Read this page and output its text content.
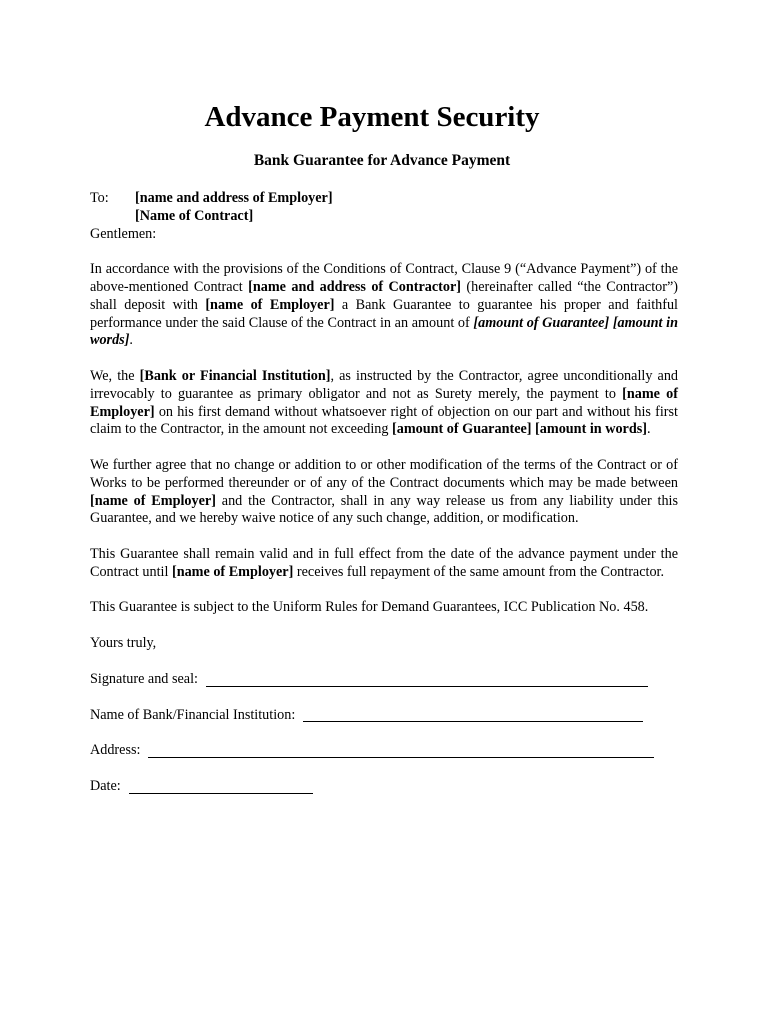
Advance Payment Security
Bank Guarantee for Advance Payment
To:	[name and address of Employer]
[Name of Contract]

Gentlemen:

In accordance with the provisions of the Conditions of Contract, Clause 9 (“Advance Payment”) of the above-mentioned Contract [name and address of Contractor] (hereinafter called “the Contractor”) shall deposit with [name of Employer] a Bank Guarantee to guarantee his proper and faithful performance under the said Clause of the Contract in an amount of [amount of Guarantee] [amount in words].

We, the [Bank or Financial Institution], as instructed by the Contractor, agree unconditionally and irrevocably to guarantee as primary obligator and not as Surety merely, the payment to [name of Employer] on his first demand without whatsoever right of objection on our part and without his first claim to the Contractor, in the amount not exceeding [amount of Guarantee] [amount in words].

We further agree that no change or addition to or other modification of the terms of the Contract or of Works to be performed thereunder or of any of the Contract documents which may be made between [name of Employer] and the Contractor, shall in any way release us from any liability under this Guarantee, and we hereby waive notice of any such change, addition, or modification.

This Guarantee shall remain valid and in full effect from the date of the advance payment under the Contract until [name of Employer] receives full repayment of the same amount from the Contractor.

This Guarantee is subject to the Uniform Rules for Demand Guarantees, ICC Publication No. 458.

Yours truly,

Signature and seal:
Name of Bank/Financial Institution:
Address:
Date:
